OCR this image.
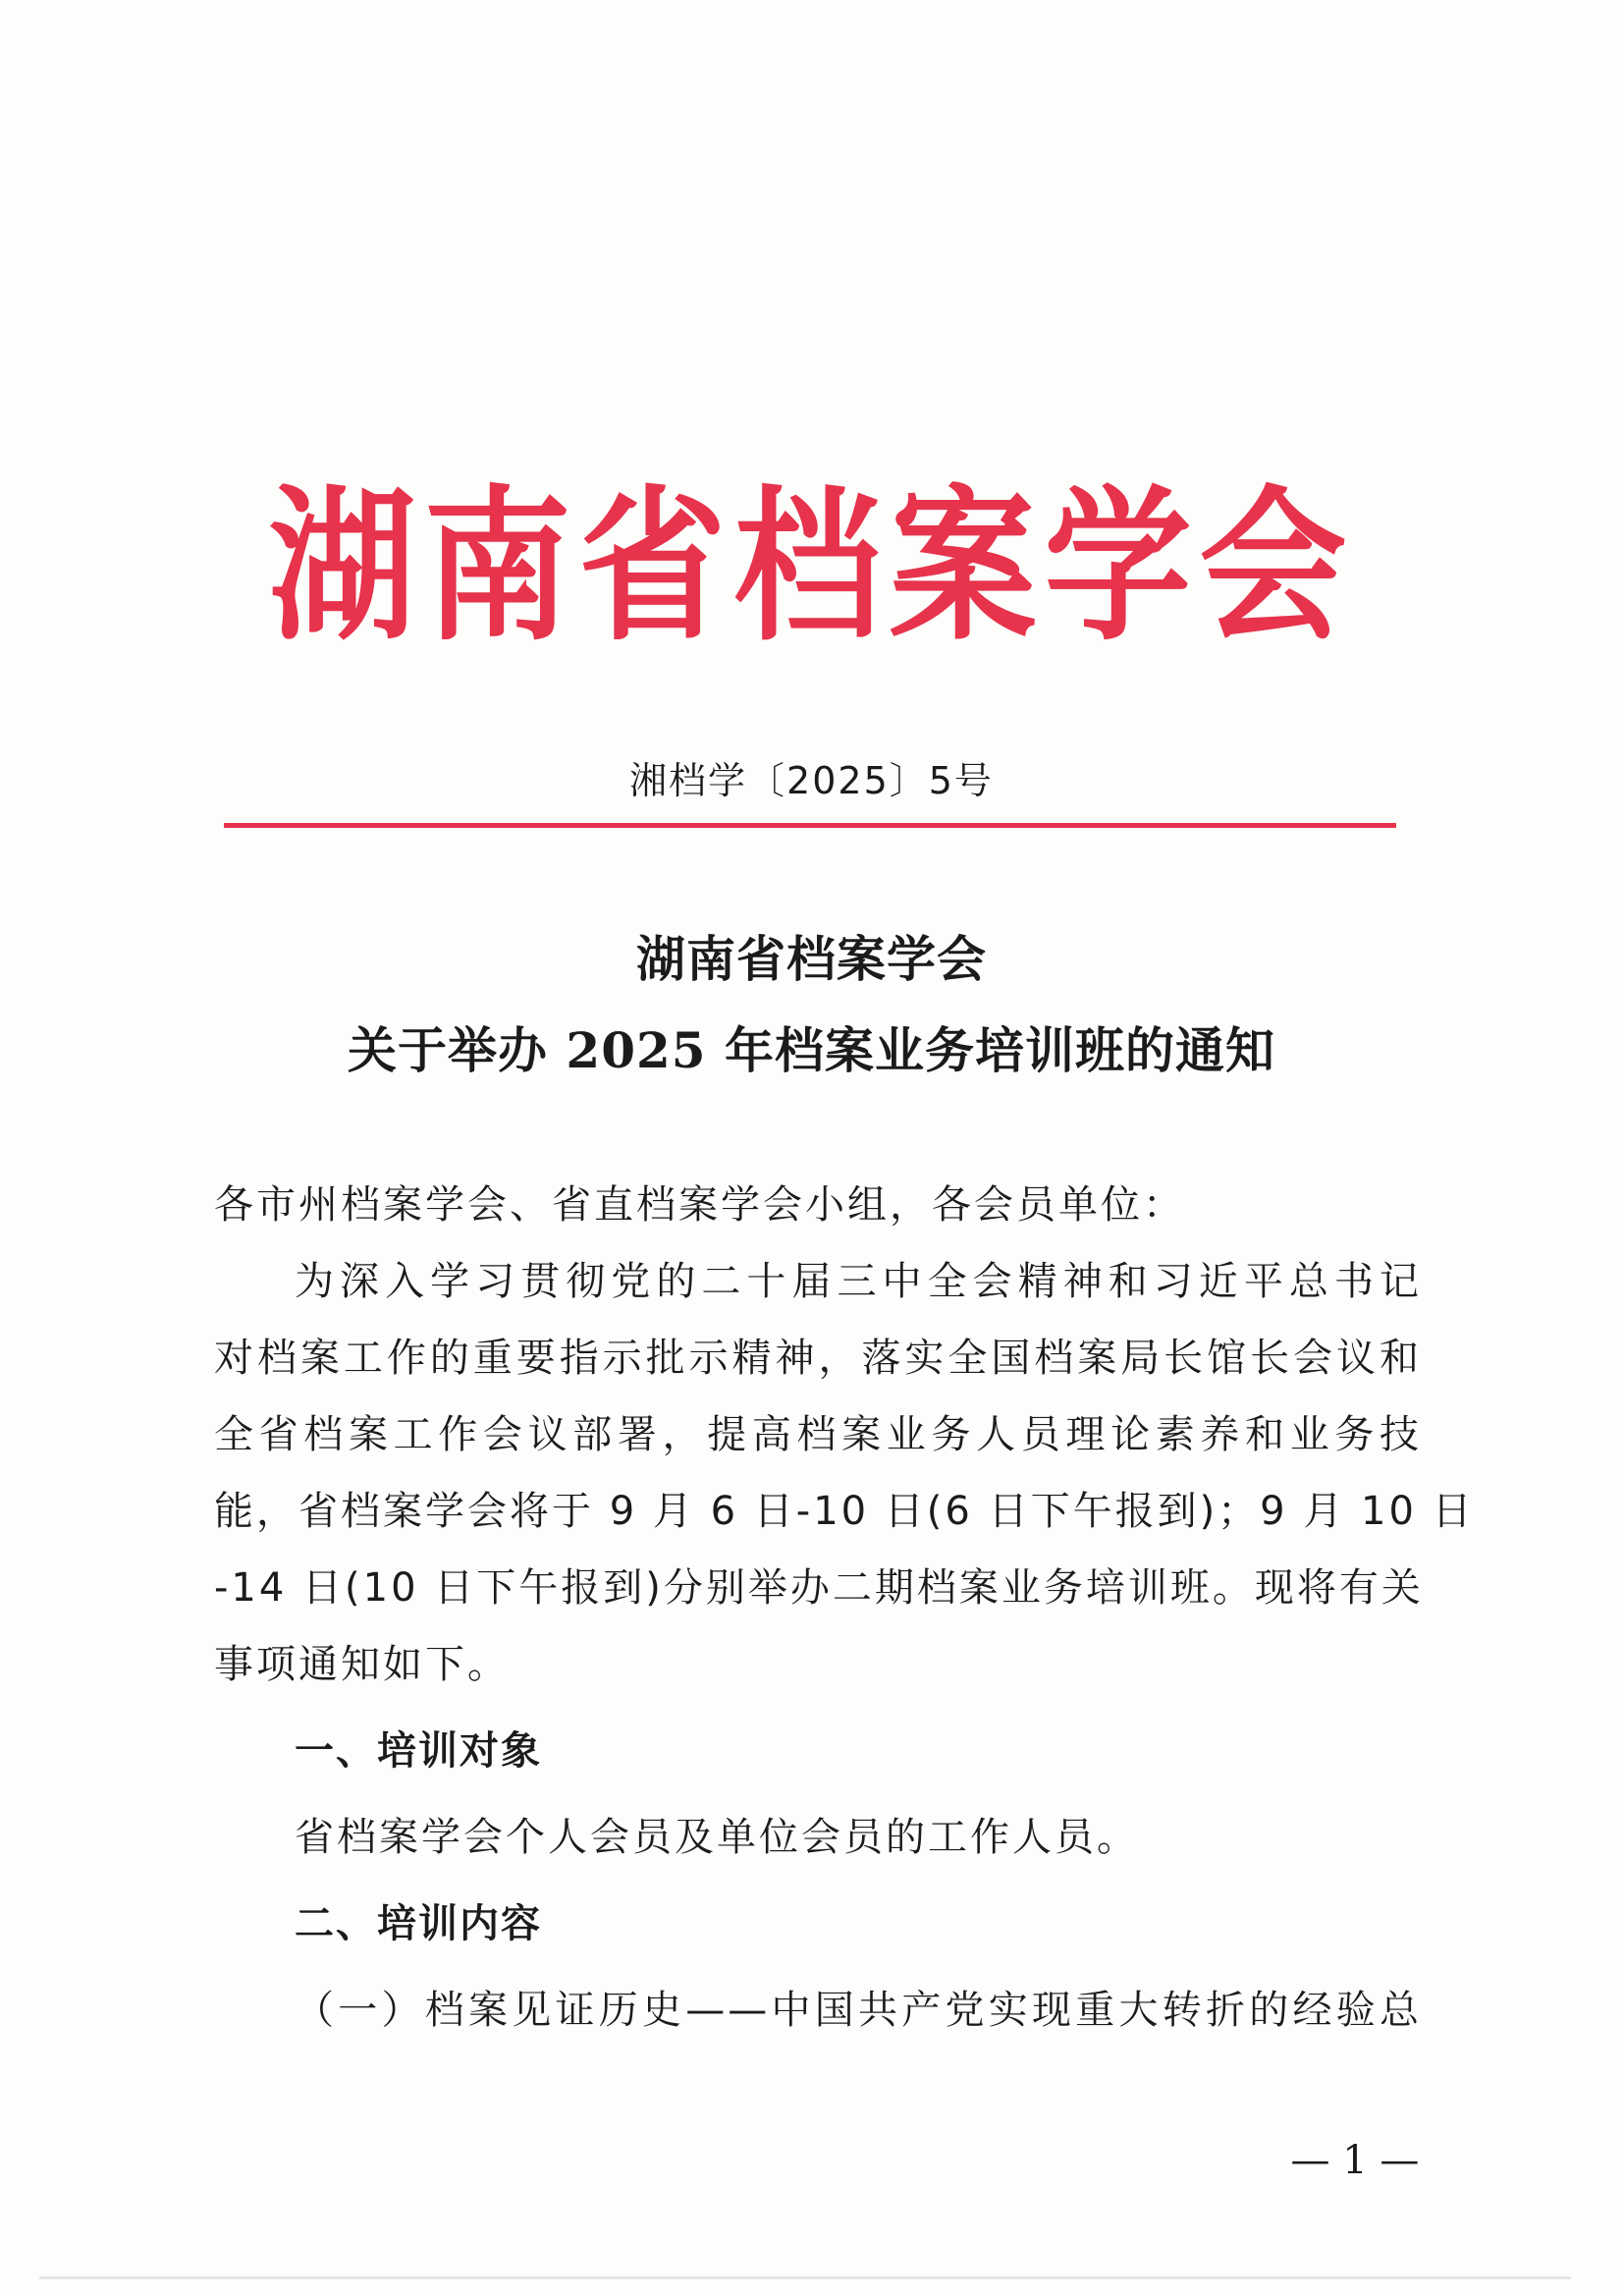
湖南省档案学会
湘档学〔2025〕5号
湖南省档案学会
关于举办 2025 年档案业务培训班的通知

各市州档案学会、省直档案学会小组，各会员单位：

为深入学习贯彻党的二十届三中全会精神和习近平总书记

对档案工作的重要指示批示精神，落实全国档案局长馆长会议和

全省档案工作会议部署，提高档案业务人员理论素养和业务技

能，省档案学会将于 9 月 6 日-10 日(6 日下午报到)；9 月 10 日

-14 日(10 日下午报到)分别举办二期档案业务培训班。现将有关

事项通知如下。

一、培训对象

省档案学会个人会员及单位会员的工作人员。

二、培训内容

（一）档案见证历史——中国共产党实现重大转折的经验总

— 1 —
